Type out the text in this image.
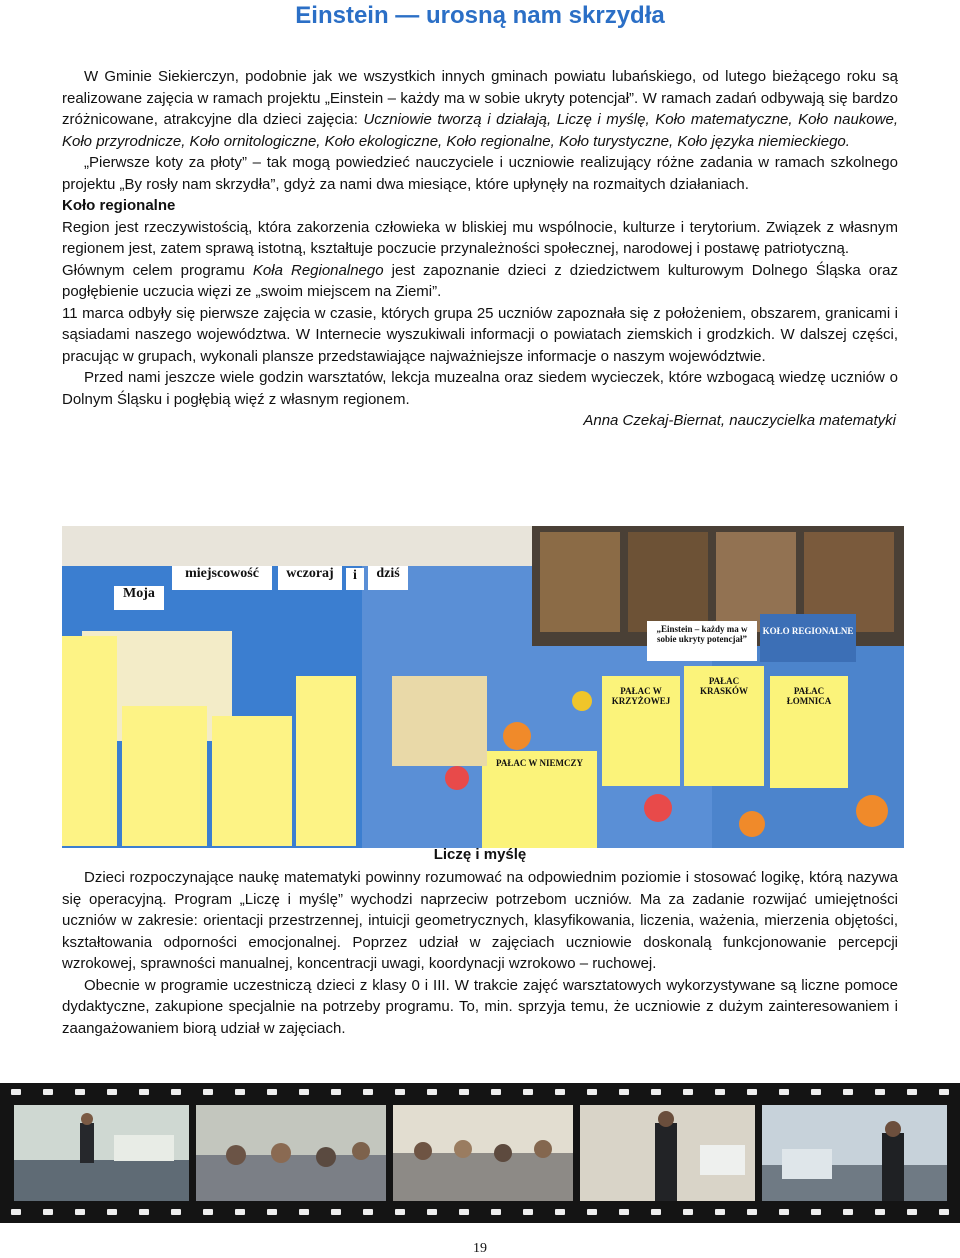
Einstein — urosną nam skrzydła

W Gminie Siekierczyn, podobnie jak we wszystkich innych gminach powiatu lubańskiego, od lutego bieżącego roku są realizowane zajęcia w ramach projektu „Einstein – każdy ma w sobie ukryty potencjał”. W ramach zadań odbywają się bardzo zróżnicowane, atrakcyjne dla dzieci zajęcia: Uczniowie tworzą i działają, Liczę i myślę, Koło matematyczne, Koło naukowe, Koło przyrodnicze, Koło ornitologiczne, Koło ekologiczne, Koło regionalne, Koło turystyczne, Koło języka niemieckiego.

„Pierwsze koty za płoty” – tak mogą powiedzieć nauczyciele i uczniowie realizujący różne zadania w ramach szkolnego projektu „By rosły nam skrzydła”, gdyż za nami dwa miesiące, które upłynęły na rozmaitych działaniach.

Koło regionalne

Region jest rzeczywistością, która zakorzenia człowieka w bliskiej mu wspólnocie, kulturze i terytorium. Związek z własnym regionem jest, zatem sprawą istotną, kształtuje poczucie przynależności społecznej, narodowej i postawę patriotyczną.

Głównym celem programu Koła Regionalnego jest zapoznanie dzieci z dziedzictwem kulturowym Dolnego Śląska oraz pogłębienie uczucia więzi ze „swoim miejscem na Ziemi”.

11 marca odbyły się pierwsze zajęcia w czasie, których grupa 25 uczniów zapoznała się z położeniem, obszarem, granicami i sąsiadami naszego województwa. W Internecie wyszukiwali informacji o powiatach ziemskich i grodzkich. W dalszej części, pracując w grupach, wykonali plansze przedstawiające najważniejsze informacje o naszym województwie.

Przed nami jeszcze wiele godzin warsztatów, lekcja muzealna oraz siedem wycieczek, które wzbogacą wiedzę uczniów o Dolnym Śląsku i pogłębią więź z własnym regionem.

Anna Czekaj-Biernat, nauczycielka matematyki

Moja
miejscowość	wczoraj	i	dziś
„Einstein – każdy ma w sobie ukryty potencjał”
KOŁO REGIONALNE
PAŁAC W KRZYŻOWEJ
PAŁAC KRASKÓW	PAŁAC ŁOMNICA
PAŁAC W NIEMCZY
Liczę i myślę

Dzieci rozpoczynające naukę matematyki powinny rozumować na odpowiednim poziomie i stosować logikę, którą nazywa się operacyjną. Program „Liczę i myślę” wychodzi naprzeciw potrzebom uczniów. Ma za zadanie rozwijać umiejętności uczniów w zakresie: orientacji przestrzennej, intuicji geometrycznych, klasyfikowania, liczenia, ważenia, mierzenia objętości, kształtowania odporności emocjonalnej. Poprzez udział w zajęciach uczniowie doskonalą funkcjonowanie percepcji wzrokowej, sprawności manualnej, koncentracji uwagi, koordynacji wzrokowo – ruchowej.

Obecnie w programie uczestniczą dzieci z klasy 0 i III. W trakcie zajęć warsztatowych wykorzystywane są liczne pomoce dydaktyczne, zakupione specjalnie na potrzeby programu. To, min. sprzyja temu, że uczniowie z dużym zainteresowaniem i zaangażowaniem biorą udział w zajęciach.

19
